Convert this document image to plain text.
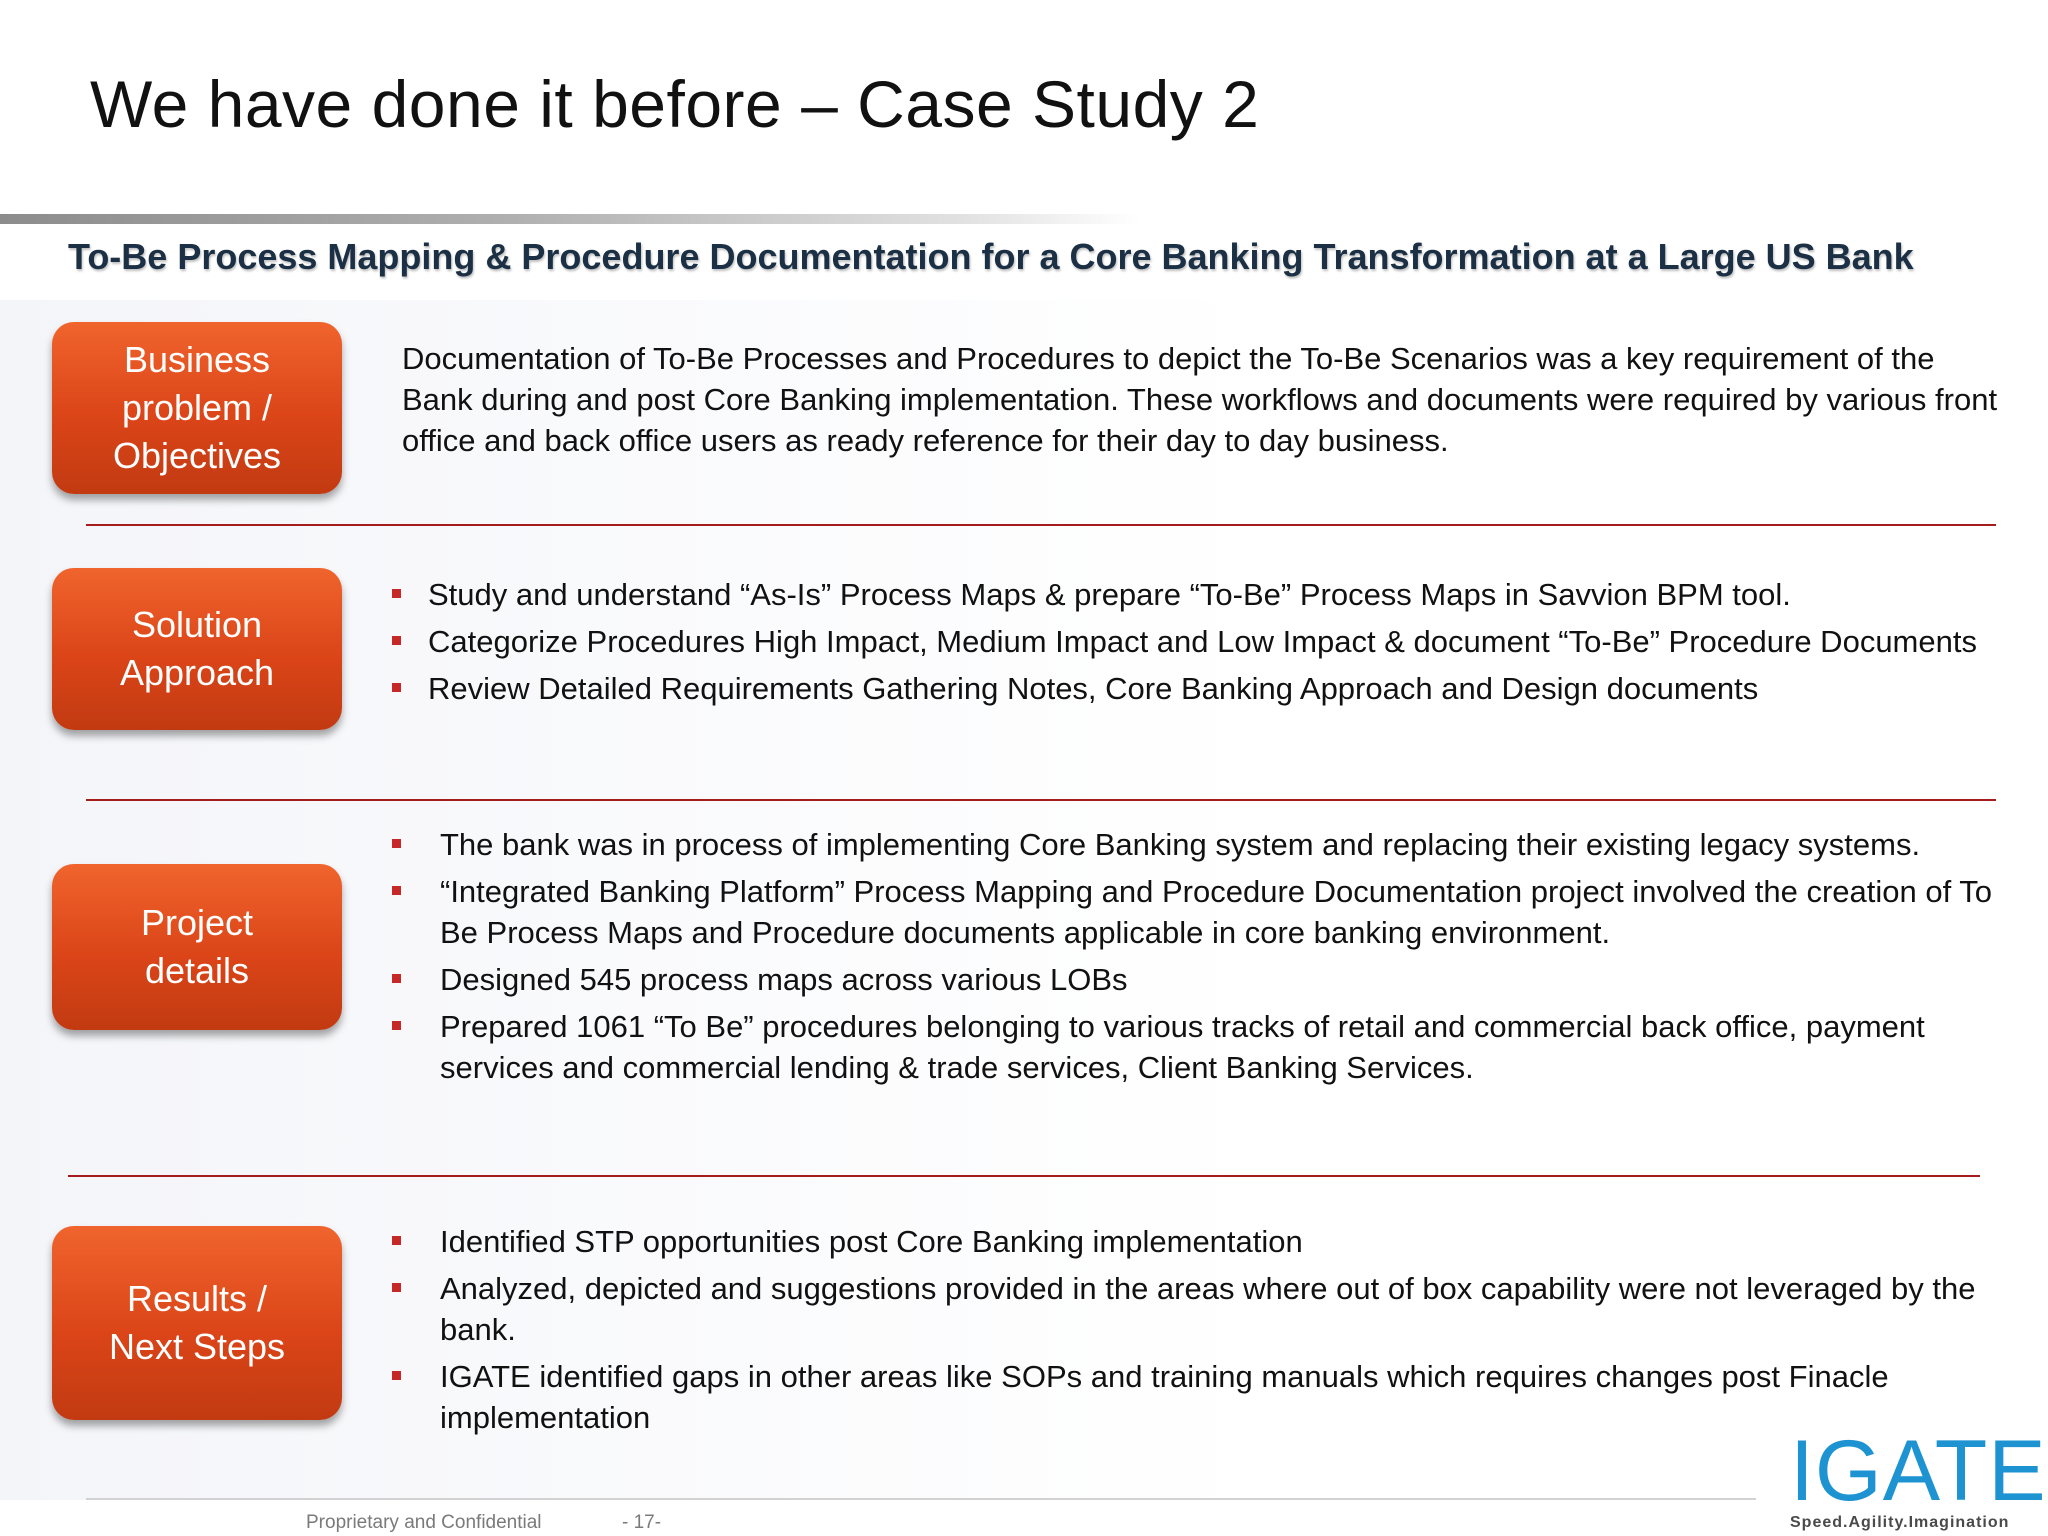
We have done it before – Case Study 2
To-Be Process Mapping & Procedure Documentation for a Core Banking Transformation at a Large US Bank
Business
problem /
Objectives

Documentation of To-Be Processes and Procedures to depict the To-Be Scenarios was a key requirement of the Bank during and post Core Banking implementation. These workflows and documents were required by various front office and back office users as ready reference for their day to day business.

Solution
Approach
Study and understand “As-Is” Process Maps & prepare “To-Be” Process Maps in Savvion BPM tool.
Categorize Procedures High Impact, Medium Impact and Low Impact & document “To-Be” Procedure Documents
Review Detailed Requirements Gathering Notes, Core Banking Approach and Design documents
The bank was in process of implementing Core Banking system and replacing their existing legacy systems.
“Integrated Banking Platform” Process Mapping and Procedure Documentation project involved the creation of To Be Process Maps and Procedure documents applicable in core banking environment.
Designed 545 process maps across various LOBs
Prepared 1061 “To Be” procedures belonging to various tracks of retail and commercial back office, payment services and commercial lending & trade services, Client Banking Services.
Project
details
Results /
Next Steps
Identified STP opportunities post Core Banking implementation
Analyzed, depicted and suggestions provided in the areas where out of box capability were not leveraged by the bank.
IGATE identified gaps in other areas like SOPs and training manuals which requires changes post Finacle implementation
Proprietary and Confidential	- 17-
IGATE
Speed.Agility.Imagination
